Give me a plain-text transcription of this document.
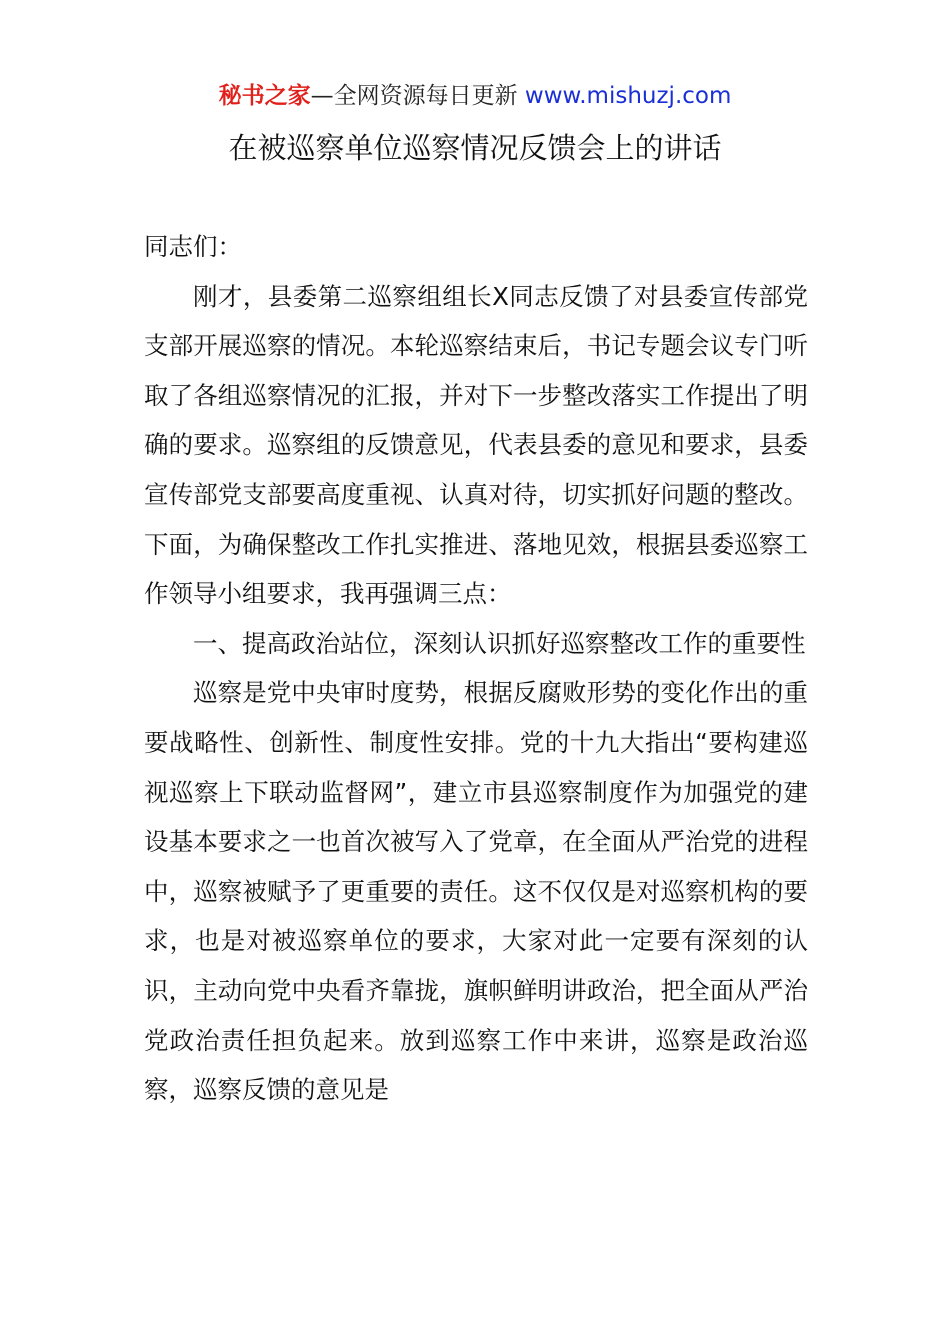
秘书之家—全网资源每日更新 www.mishuzj.com
在被巡察单位巡察情况反馈会上的讲话

同志们：

刚才，县委第二巡察组组长X同志反馈了对县委宣传部党支部开展巡察的情况。本轮巡察结束后，书记专题会议专门听取了各组巡察情况的汇报，并对下一步整改落实工作提出了明确的要求。巡察组的反馈意见，代表县委的意见和要求，县委宣传部党支部要高度重视、认真对待，切实抓好问题的整改。下面，为确保整改工作扎实推进、落地见效，根据县委巡察工作领导小组要求，我再强调三点：

一、提高政治站位，深刻认识抓好巡察整改工作的重要性

巡察是党中央审时度势，根据反腐败形势的变化作出的重要战略性、创新性、制度性安排。党的十九大指出“要构建巡视巡察上下联动监督网”，建立市县巡察制度作为加强党的建设基本要求之一也首次被写入了党章，在全面从严治党的进程中，巡察被赋予了更重要的责任。这不仅仅是对巡察机构的要求，也是对被巡察单位的要求，大家对此一定要有深刻的认识，主动向党中央看齐靠拢，旗帜鲜明讲政治，把全面从严治党政治责任担负起来。放到巡察工作中来讲，巡察是政治巡察，巡察反馈的意见是
